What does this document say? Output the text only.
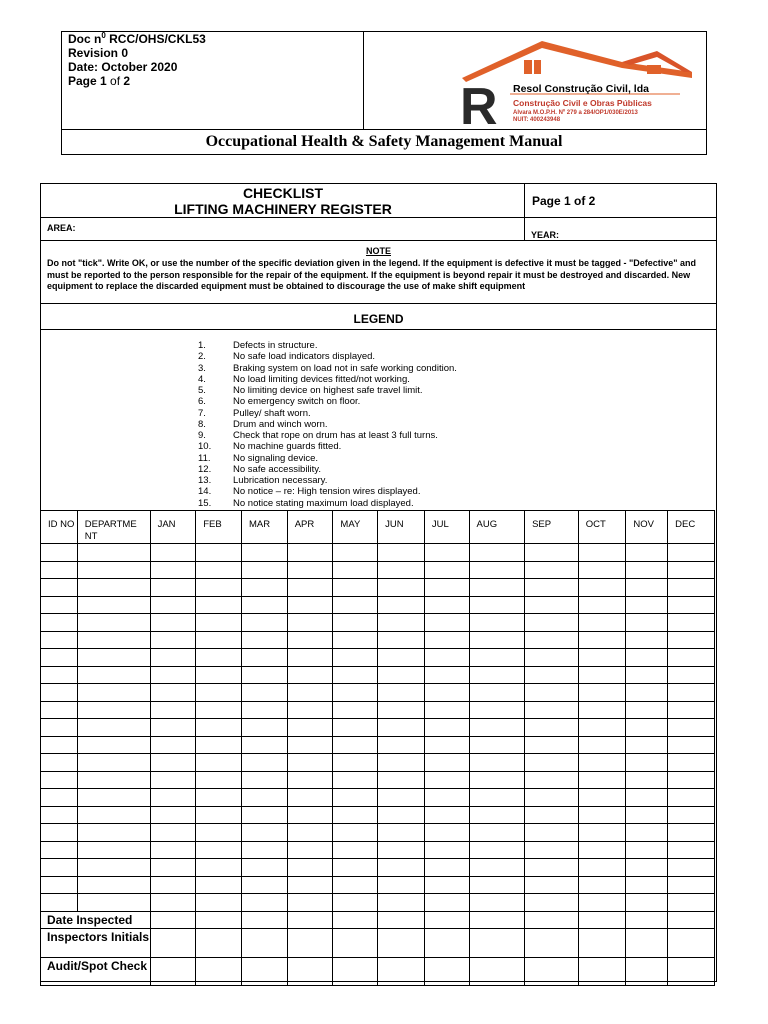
Doc $n^0$ RCC/OHS/CKL53
Revision 0
Date: October 2020
Page 1 of 2	R Resol Construção Civil, lda
Construção Civil e Obras Públicas
Alvara M.O.P.H. Nº 279 a 284/OP1/030E/2013
NUIT: 400243948
Occupational Health & Safety Management Manual
CHECKLIST
LIFTING MACHINERY REGISTER	Page 1 of 2
AREA:
YEAR:
NOTE
Do not "tick". Write OK, or use the number of the specific deviation given in the legend. If the equipment is defective it must be tagged - "Defective" and must be reported to the person responsible for the repair of the equipment. If the equipment is beyond repair it must be destroyed and discarded. New equipment to replace the discarded equipment must be obtained to discourage the use of make shift equipment
LEGEND
1.	Defects in structure.
2.	No safe load indicators displayed.
3.	Braking system on load not in safe working condition.
4.	No load limiting devices fitted/not working.
5.	No limiting device on highest safe travel limit.
6.	No emergency switch on floor.
7.	Pulley/ shaft worn.
8.	Drum and winch worn.
9.	Check that rope on drum has at least 3 full turns.
10.	No machine guards fitted.
11.	No signaling device.
12.	No safe accessibility.
13.	Lubrication necessary.
14.	No notice – re: High tension wires displayed.
15.	No notice stating maximum load displayed.
ID NO	DEPARTME NT	JAN	FEB	MAR	APR	MAY	JUN	JUL	AUG	SEP	OCT	NOV	DEC

Date Inspected													
Inspectors Initials													
Audit/Spot Check													
